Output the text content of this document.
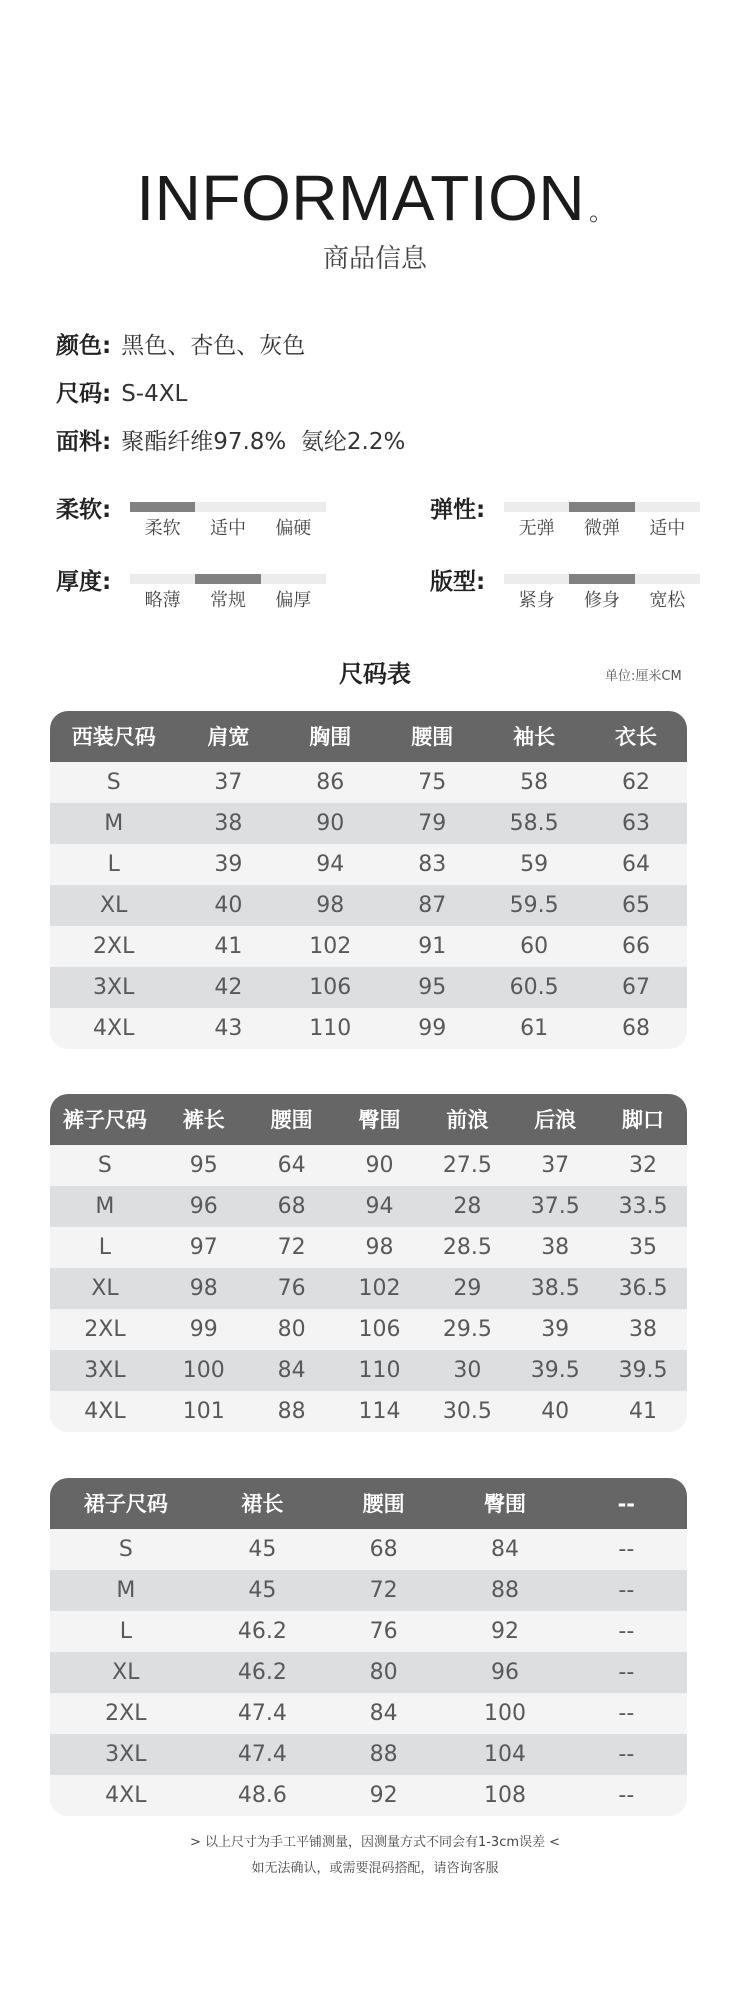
INFORMATION 。
商品信息
颜色: 黑色、杏色、灰色
尺码: S-4XL
面料: 聚酯纤维97.8%  氨纶2.2%
柔软:
柔软	适中	偏硬
弹性:
无弹	微弹	适中
厚度:
略薄	常规	偏厚
版型:
紧身	修身	宽松
尺码表	单位:厘米CM
西装尺码	肩宽	胸围	腰围	袖长	衣长
S	37	86	75	58	62
M	38	90	79	58.5	63
L	39	94	83	59	64
XL	40	98	87	59.5	65
2XL	41	102	91	60	66
3XL	42	106	95	60.5	67
4XL	43	110	99	61	68
裤子尺码	裤长	腰围	臀围	前浪	后浪	脚口
S	95	64	90	27.5	37	32
M	96	68	94	28	37.5	33.5
L	97	72	98	28.5	38	35
XL	98	76	102	29	38.5	36.5
2XL	99	80	106	29.5	39	38
3XL	100	84	110	30	39.5	39.5
4XL	101	88	114	30.5	40	41
裙子尺码	裙长	腰围	臀围	--
S	45	68	84	--
M	45	72	88	--
L	46.2	76	92	--
XL	46.2	80	96	--
2XL	47.4	84	100	--
3XL	47.4	88	104	--
4XL	48.6	92	108	--
> 以上尺寸为手工平铺测量，因测量方式不同会有1-3cm误差 <
如无法确认，或需要混码搭配，请咨询客服
